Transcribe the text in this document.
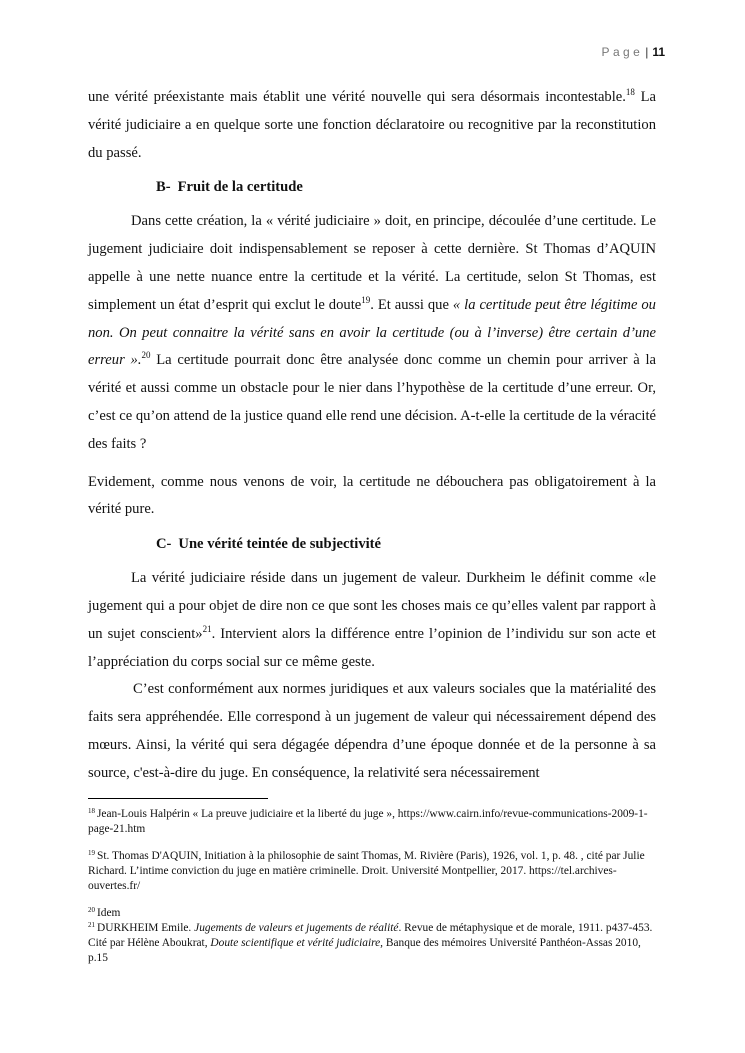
Page | 11

une vérité préexistante mais établit une vérité nouvelle qui sera désormais incontestable.$^{18}$ La vérité judiciaire a en quelque sorte une fonction déclaratoire ou recognitive par la reconstitution du passé.

B- Fruit de la certitude

Dans cette création, la « vérité judiciaire » doit, en principe, découlée d’une certitude. Le jugement judiciaire doit indispensablement se reposer à cette dernière. St Thomas d’AQUIN appelle à une nette nuance entre la certitude et la vérité. La certitude, selon St Thomas, est simplement un état d’esprit qui exclut le doute$^{19}$. Et aussi que « la certitude peut être légitime ou non. On peut connaitre la vérité sans en avoir la certitude (ou à l’inverse) être certain d’une erreur ».$^{20}$ La certitude pourrait donc être analysée donc comme un chemin pour arriver à la vérité et aussi comme un obstacle pour le nier dans l’hypothèse de la certitude d’une erreur. Or, c’est ce qu’on attend de la justice quand elle rend une décision. A-t-elle la certitude de la véracité des faits ?

Evidement, comme nous venons de voir, la certitude ne débouchera pas obligatoirement à la vérité pure.

C- Une vérité teintée de subjectivité

La vérité judiciaire réside dans un jugement de valeur. Durkheim le définit comme «le jugement qui a pour objet de dire non ce que sont les choses mais ce qu’elles valent par rapport à un sujet conscient»$^{21}$. Intervient alors la différence entre l’opinion de l’individu sur son acte et l’appréciation du corps social sur ce même geste.

C’est conformément aux normes juridiques et aux valeurs sociales que la matérialité des faits sera appréhendée. Elle correspond à un jugement de valeur qui nécessairement dépend des mœurs. Ainsi, la vérité qui sera dégagée dépendra d’une époque donnée et de la personne à sa source, c'est-à-dire du juge. En conséquence, la relativité sera nécessairement

$^{18}$ Jean-Louis Halpérin « La preuve judiciaire et la liberté du juge », https://www.cairn.info/revue-communications-2009-1-page-21.htm

$^{19}$ St. Thomas D'AQUIN, Initiation à la philosophie de saint Thomas, M. Rivière (Paris), 1926, vol. 1, p. 48. , cité par Julie Richard. L’intime conviction du juge en matière criminelle. Droit. Université Montpellier, 2017. https://tel.archives-ouvertes.fr/

$^{20}$ Idem

$^{21}$ DURKHEIM Emile. Jugements de valeurs et jugements de réalité. Revue de métaphysique et de morale, 1911. p437-453. Cité par Hélène Aboukrat, Doute scientifique et vérité judiciaire, Banque des mémoires Université Panthéon-Assas 2010, p.15
